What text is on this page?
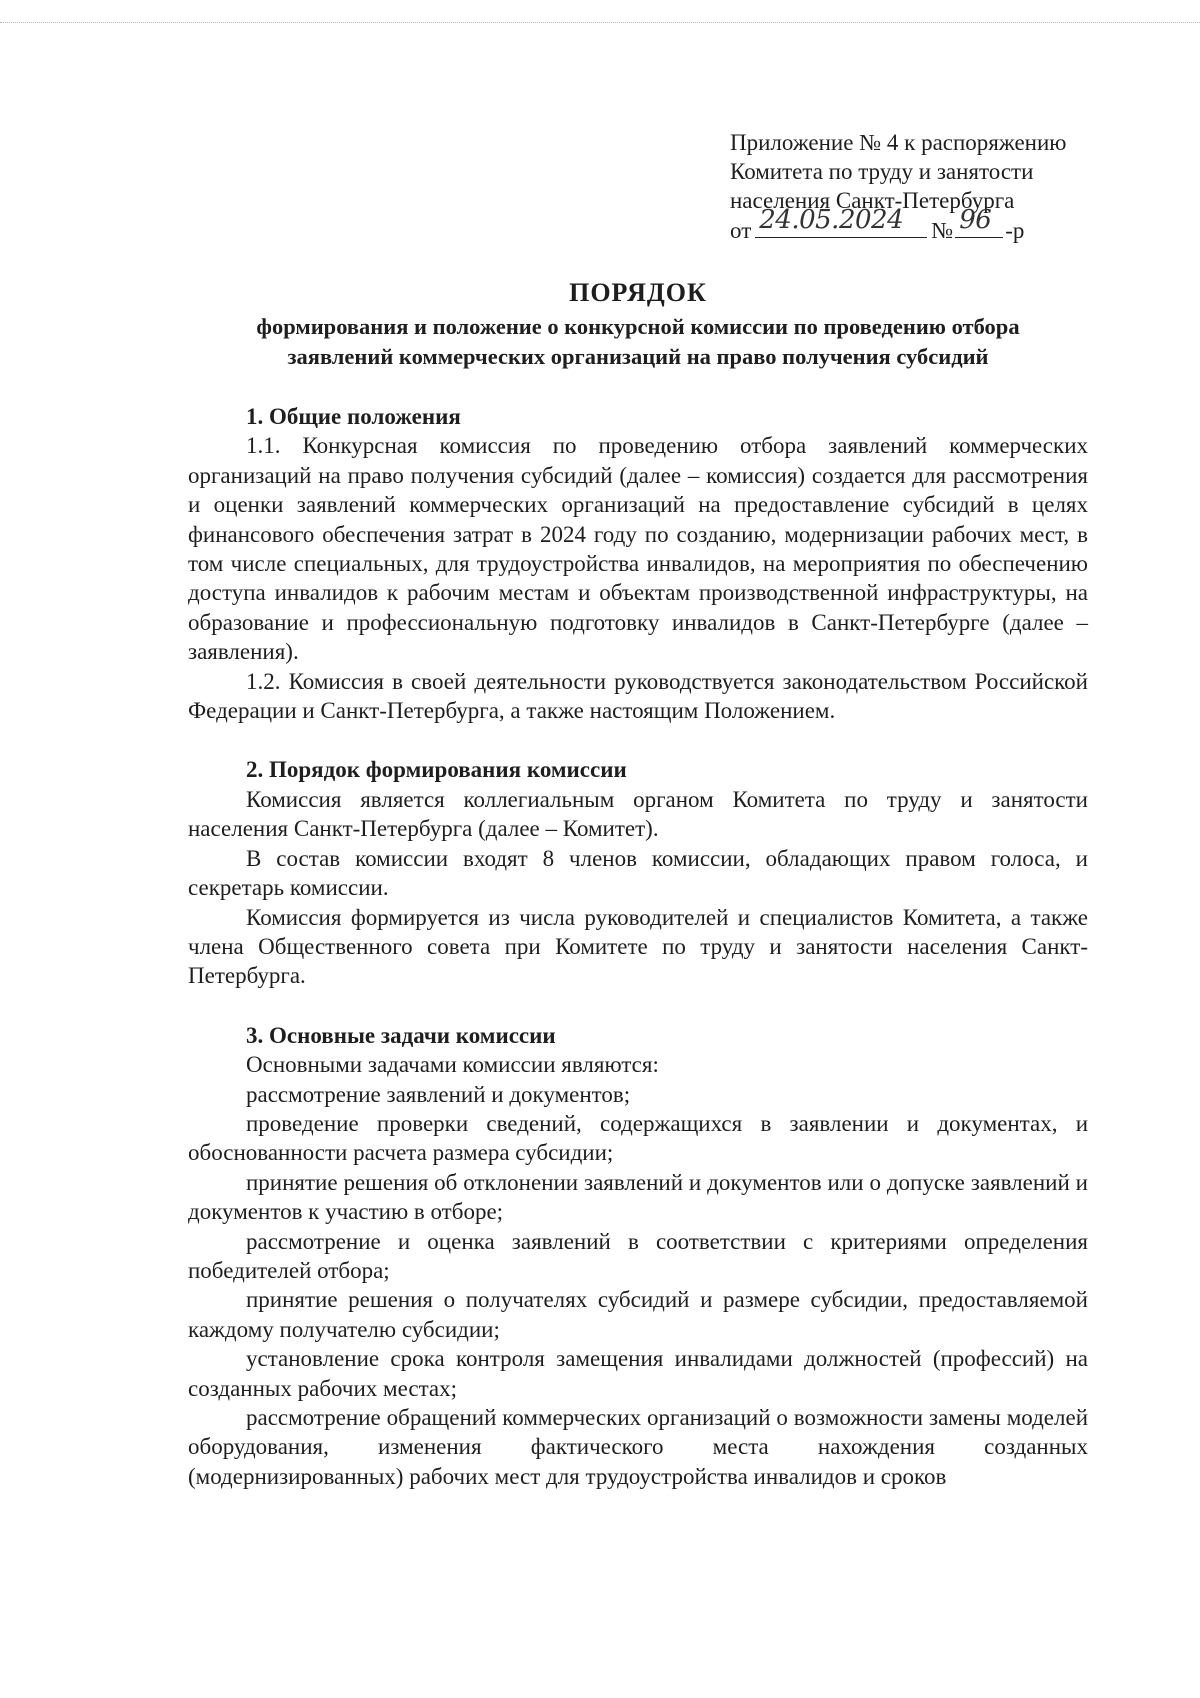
Приложение № 4 к распоряжению
Комитета по труду и занятости
населения Санкт-Петербурга
от 24.05.2024 № 96 -р
ПОРЯДОК
формирования и положение о конкурсной комиссии по проведению отбора
заявлений коммерческих организаций на право получения субсидий
1. Общие положения

1.1. Конкурсная комиссия по проведению отбора заявлений коммерческих организаций на право получения субсидий (далее – комиссия) создается для рассмотрения и оценки заявлений коммерческих организаций на предоставление субсидий в целях финансового обеспечения затрат в 2024 году по созданию, модернизации рабочих мест, в том числе специальных, для трудоустройства инвалидов, на мероприятия по обеспечению доступа инвалидов к рабочим местам и объектам производственной инфраструктуры, на образование и профессиональную подготовку инвалидов в Санкт-Петербурге (далее – заявления).

1.2. Комиссия в своей деятельности руководствуется законодательством Российской Федерации и Санкт-Петербурга, а также настоящим Положением.

2. Порядок формирования комиссии

Комиссия является коллегиальным органом Комитета по труду и занятости населения Санкт-Петербурга (далее – Комитет).

В состав комиссии входят 8 членов комиссии, обладающих правом голоса, и секретарь комиссии.

Комиссия формируется из числа руководителей и специалистов Комитета, а также члена Общественного совета при Комитете по труду и занятости населения Санкт-Петербурга.

3. Основные задачи комиссии

Основными задачами комиссии являются:

рассмотрение заявлений и документов;

проведение проверки сведений, содержащихся в заявлении и документах, и обоснованности расчета размера субсидии;

принятие решения об отклонении заявлений и документов или о допуске заявлений и документов к участию в отборе;

рассмотрение и оценка заявлений в соответствии с критериями определения победителей отбора;

принятие решения о получателях субсидий и размере субсидии, предоставляемой каждому получателю субсидии;

установление срока контроля замещения инвалидами должностей (профессий) на созданных рабочих местах;

рассмотрение обращений коммерческих организаций о возможности замены моделей оборудования, изменения фактического места нахождения созданных (модернизированных) рабочих мест для трудоустройства инвалидов и сроков
